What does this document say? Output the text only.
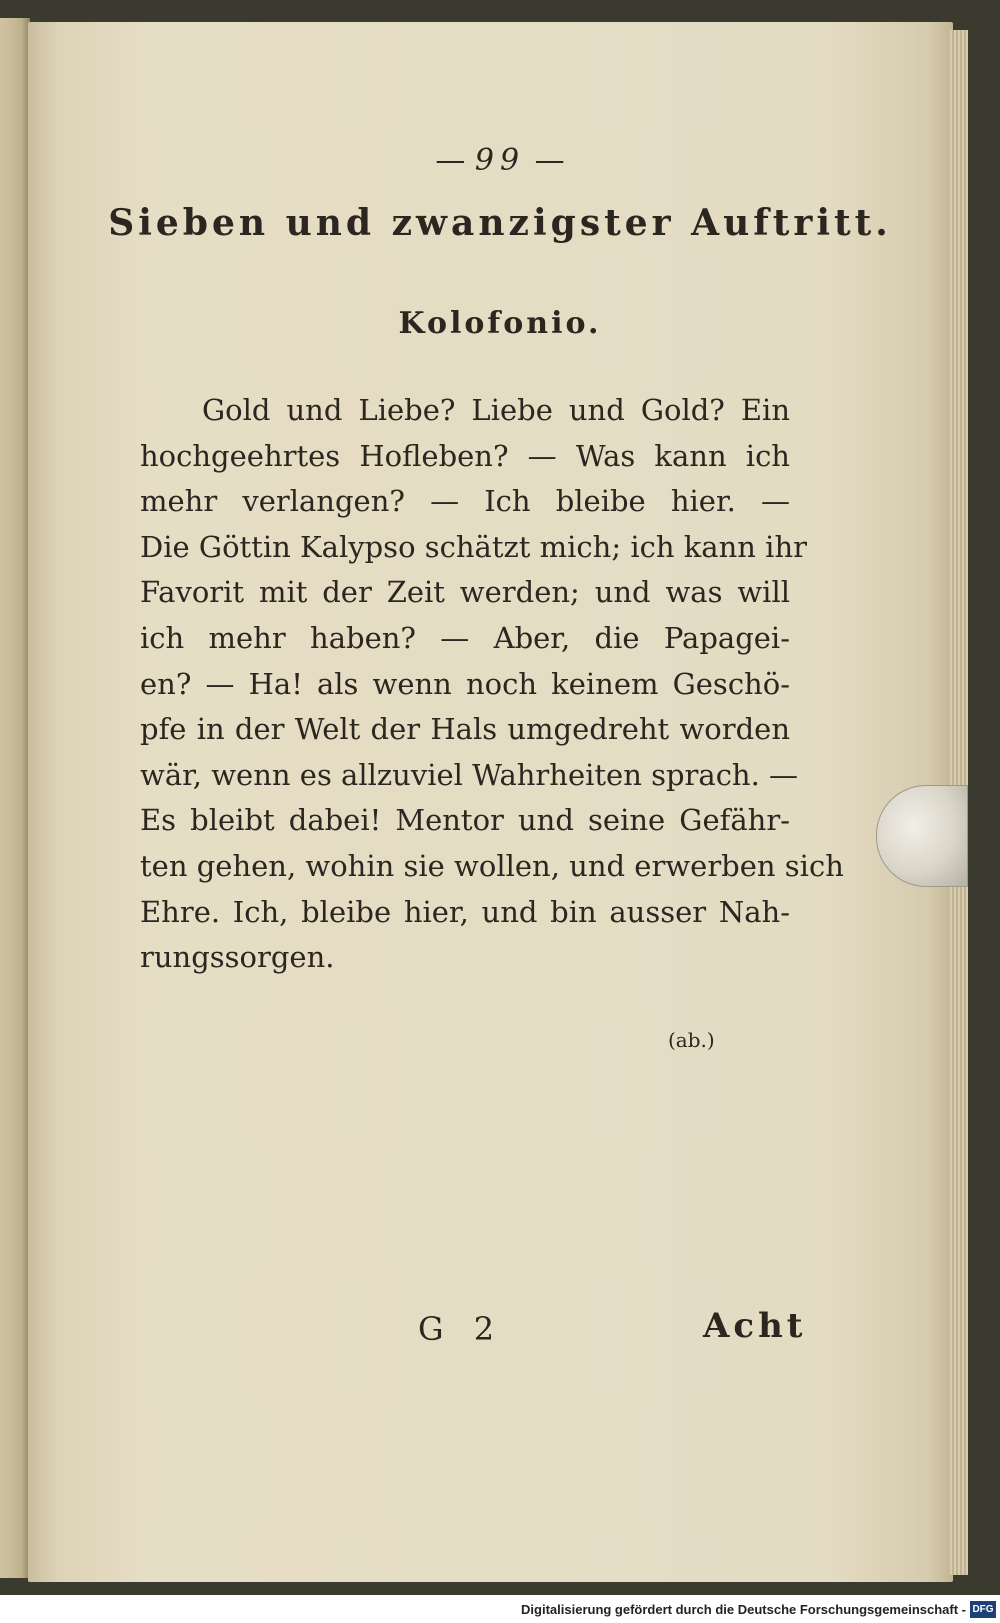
— 99 —
Sieben und zwanzigster Auftritt.
Kolofonio.
Gold und Liebe? Liebe und Gold? Ein
hochgeehrtes Hofleben? — Was kann ich
mehr verlangen? — Ich bleibe hier. —
Die Göttin Kalypso schätzt mich; ich kann ihr
Favorit mit der Zeit werden; und was will
ich mehr haben? — Aber, die Papagei-
en? — Ha! als wenn noch keinem Geschö-
pfe in der Welt der Hals umgedreht worden
wär, wenn es allzuviel Wahrheiten sprach. —
Es bleibt dabei! Mentor und seine Gefähr-
ten gehen, wohin sie wollen, und erwerben sich
Ehre. Ich, bleibe hier, und bin ausser Nah-
rungssorgen.
(ab.)
G 2	Acht
Digitalisierung gefördert durch die Deutsche Forschungsgemeinschaft - DFG
